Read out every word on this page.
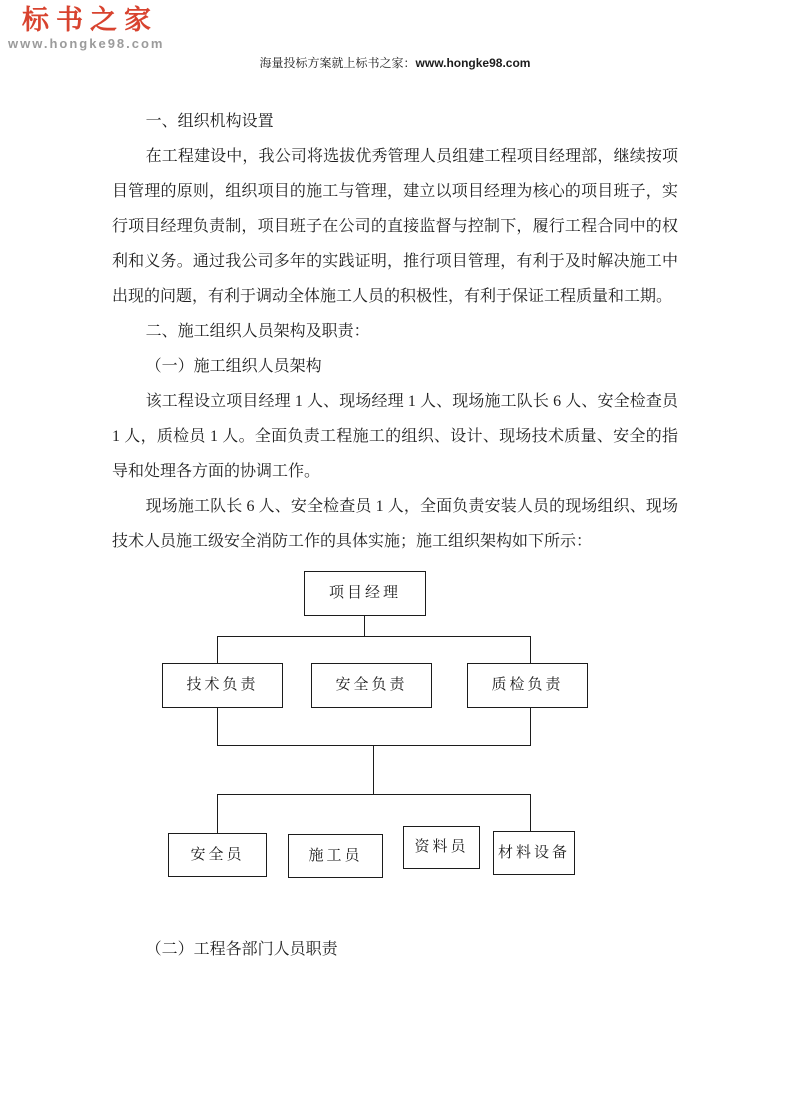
标书之家
www.hongke98.com
海量投标方案就上标书之家：www.hongke98.com

一、组织机构设置

在工程建设中，我公司将选拔优秀管理人员组建工程项目经理部，继续按项目管理的原则，组织项目的施工与管理，建立以项目经理为核心的项目班子，实行项目经理负责制，项目班子在公司的直接监督与控制下，履行工程合同中的权利和义务。通过我公司多年的实践证明，推行项目管理，有利于及时解决施工中出现的问题，有利于调动全体施工人员的积极性，有利于保证工程质量和工期。

二、施工组织人员架构及职责：

（一）施工组织人员架构

该工程设立项目经理 1 人、现场经理 1 人、现场施工队长 6 人、安全检查员 1 人，质检员 1 人。全面负责工程施工的组织、设计、现场技术质量、安全的指导和处理各方面的协调工作。

现场施工队长 6 人、安全检查员 1 人，全面负责安装人员的现场组织、现场技术人员施工级安全消防工作的具体实施；施工组织架构如下所示：

项目经理
技术负责	安全负责	质检负责
安全员	施工员
资料员	材料设备

（二）工程各部门人员职责
